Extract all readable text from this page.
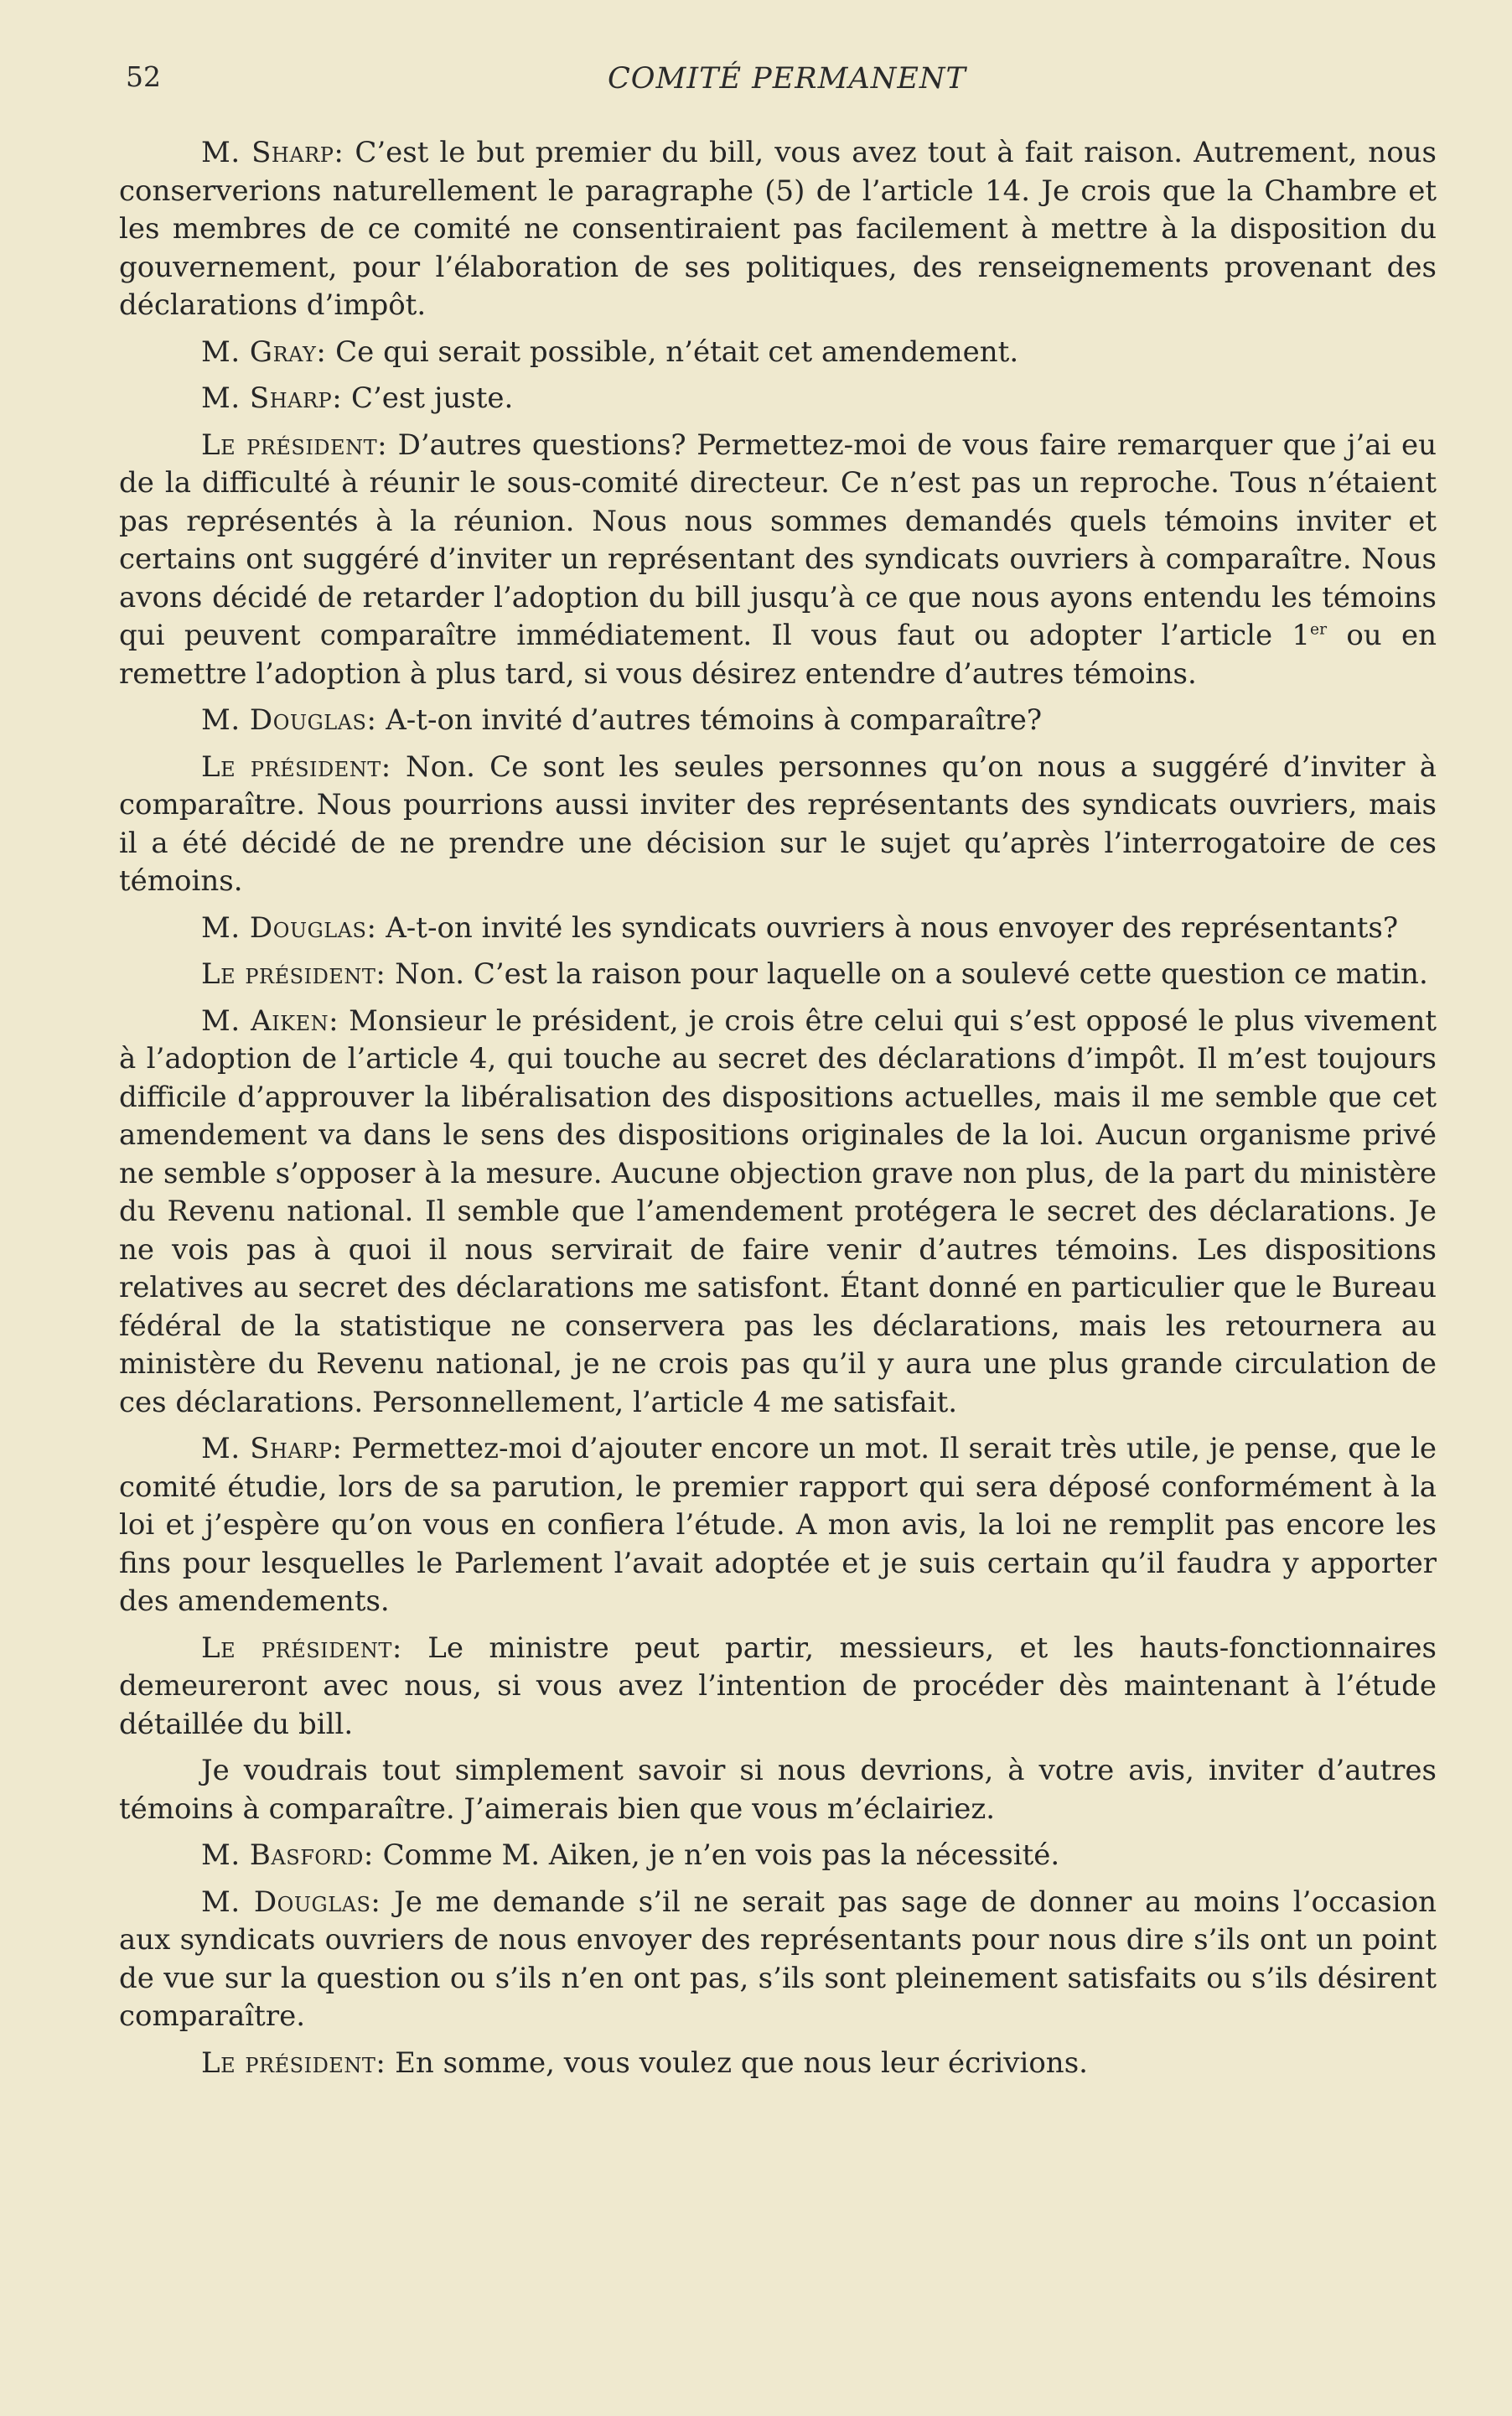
52	COMITÉ PERMANENT

M. Sharp: C’est le but premier du bill, vous avez tout à fait raison. Autrement, nous conserverions naturellement le paragraphe (5) de l’article 14. Je crois que la Chambre et les membres de ce comité ne consentiraient pas facilement à mettre à la disposition du gouvernement, pour l’élaboration de ses politiques, des renseignements provenant des déclarations d’impôt.

M. Gray: Ce qui serait possible, n’était cet amendement.

M. Sharp: C’est juste.

Le président: D’autres questions? Permettez-moi de vous faire remarquer que j’ai eu de la difficulté à réunir le sous-comité directeur. Ce n’est pas un reproche. Tous n’étaient pas représentés à la réunion. Nous nous sommes demandés quels témoins inviter et certains ont suggéré d’inviter un représentant des syndicats ouvriers à comparaître. Nous avons décidé de retarder l’adoption du bill jusqu’à ce que nous ayons entendu les témoins qui peuvent comparaître immédiatement. Il vous faut ou adopter l’article 1er ou en remettre l’adoption à plus tard, si vous désirez entendre d’autres témoins.

M. Douglas: A-t-on invité d’autres témoins à comparaître?

Le président: Non. Ce sont les seules personnes qu’on nous a suggéré d’inviter à comparaître. Nous pourrions aussi inviter des représentants des syndicats ouvriers, mais il a été décidé de ne prendre une décision sur le sujet qu’après l’interrogatoire de ces témoins.

M. Douglas: A-t-on invité les syndicats ouvriers à nous envoyer des représentants?

Le président: Non. C’est la raison pour laquelle on a soulevé cette question ce matin.

M. Aiken: Monsieur le président, je crois être celui qui s’est opposé le plus vivement à l’adoption de l’article 4, qui touche au secret des déclarations d’impôt. Il m’est toujours difficile d’approuver la libéralisation des dispositions actuelles, mais il me semble que cet amendement va dans le sens des dispositions originales de la loi. Aucun organisme privé ne semble s’opposer à la mesure. Aucune objection grave non plus, de la part du ministère du Revenu national. Il semble que l’amendement protégera le secret des déclarations. Je ne vois pas à quoi il nous servirait de faire venir d’autres témoins. Les dispositions relatives au secret des déclarations me satisfont. Étant donné en particulier que le Bureau fédéral de la statistique ne conservera pas les déclarations, mais les retournera au ministère du Revenu national, je ne crois pas qu’il y aura une plus grande circulation de ces déclarations. Personnellement, l’article 4 me satisfait.

M. Sharp: Permettez-moi d’ajouter encore un mot. Il serait très utile, je pense, que le comité étudie, lors de sa parution, le premier rapport qui sera déposé conformément à la loi et j’espère qu’on vous en confiera l’étude. A mon avis, la loi ne remplit pas encore les fins pour lesquelles le Parlement l’avait adoptée et je suis certain qu’il faudra y apporter des amendements.

Le président: Le ministre peut partir, messieurs, et les hauts-fonctionnaires demeureront avec nous, si vous avez l’intention de procéder dès maintenant à l’étude détaillée du bill.

Je voudrais tout simplement savoir si nous devrions, à votre avis, inviter d’autres témoins à comparaître. J’aimerais bien que vous m’éclairiez.

M. Basford: Comme M. Aiken, je n’en vois pas la nécessité.

M. Douglas: Je me demande s’il ne serait pas sage de donner au moins l’occasion aux syndicats ouvriers de nous envoyer des représentants pour nous dire s’ils ont un point de vue sur la question ou s’ils n’en ont pas, s’ils sont pleinement satisfaits ou s’ils désirent comparaître.

Le président: En somme, vous voulez que nous leur écrivions.
